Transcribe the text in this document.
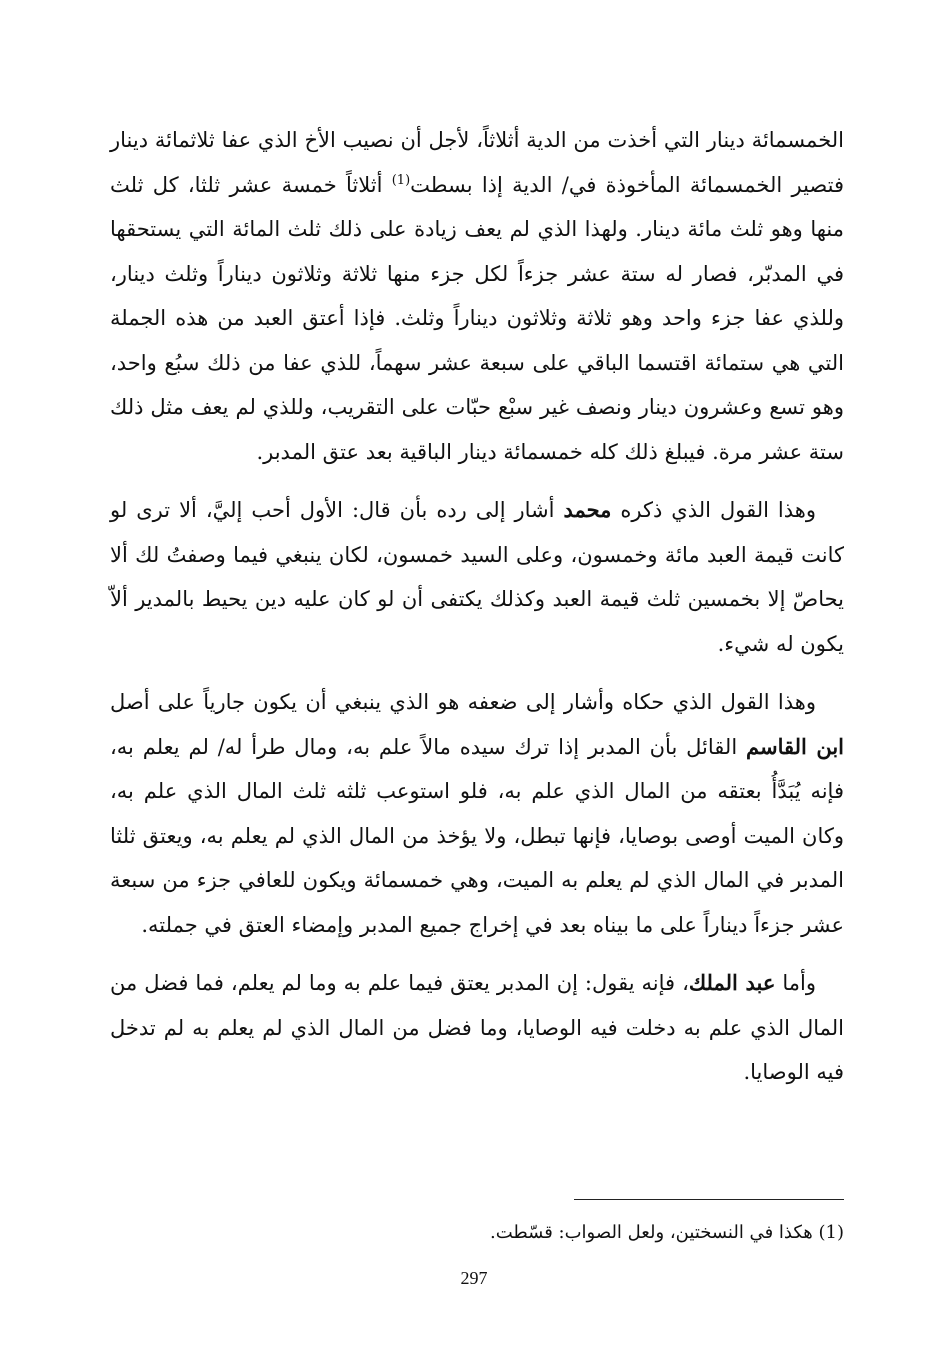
الخمسمائة دينار التي أخذت من الدية أثلاثاً، لأجل أن نصيب الأخ الذي عفا ثلاثمائة دينار فتصير الخمسمائة المأخوذة في/ الدية إذا بسطت$^{(1)}$ أثلاثاً خمسة عشر ثلثا، كل ثلث منها وهو ثلث مائة دينار. ولهذا الذي لم يعف زيادة على ذلك ثلث المائة التي يستحقها في المدبّر، فصار له ستة عشر جزءاً لكل جزء منها ثلاثة وثلاثون ديناراً وثلث دينار، وللذي عفا جزء واحد وهو ثلاثة وثلاثون ديناراً وثلث. فإذا أعتق العبد من هذه الجملة التي هي ستمائة اقتسما الباقي على سبعة عشر سهماً، للذي عفا من ذلك سبُع واحد، وهو تسع وعشرون دينار ونصف غير سبْع حبّات على التقريب، وللذي لم يعف مثل ذلك ستة عشر مرة. فيبلغ ذلك كله خمسمائة دينار الباقية بعد عتق المدبر.

وهذا القول الذي ذكره محمد أشار إلى رده بأن قال: الأول أحب إليَّ، ألا ترى لو كانت قيمة العبد مائة وخمسون، وعلى السيد خمسون، لكان ينبغي فيما وصفتُ لك ألا يحاصّ إلا بخمسين ثلث قيمة العبد وكذلك يكتفى أن لو كان عليه دين يحيط بالمدير ألاّ يكون له شيء.

وهذا القول الذي حكاه وأشار إلى ضعفه هو الذي ينبغي أن يكون جارياً على أصل ابن القاسم القائل بأن المدبر إذا ترك سيده مالاً علم به، ومال طرأ له/ لم يعلم به، فإنه يُبَدَّأُ بعتقه من المال الذي علم به، فلو استوعب ثلثه ثلث المال الذي علم به، وكان الميت أوصى بوصايا، فإنها تبطل، ولا يؤخذ من المال الذي لم يعلم به، ويعتق ثلثا المدبر في المال الذي لم يعلم به الميت، وهي خمسمائة ويكون للعافي جزء من سبعة عشر جزءاً ديناراً على ما بيناه بعد في إخراج جميع المدبر وإمضاء العتق في جملته.

وأما عبد الملك، فإنه يقول: إن المدبر يعتق فيما علم به وما لم يعلم، فما فضل من المال الذي علم به دخلت فيه الوصايا، وما فضل من المال الذي لم يعلم به لم تدخل فيه الوصايا.

(1) هكذا في النسختين، ولعل الصواب: قسّطت.
297
